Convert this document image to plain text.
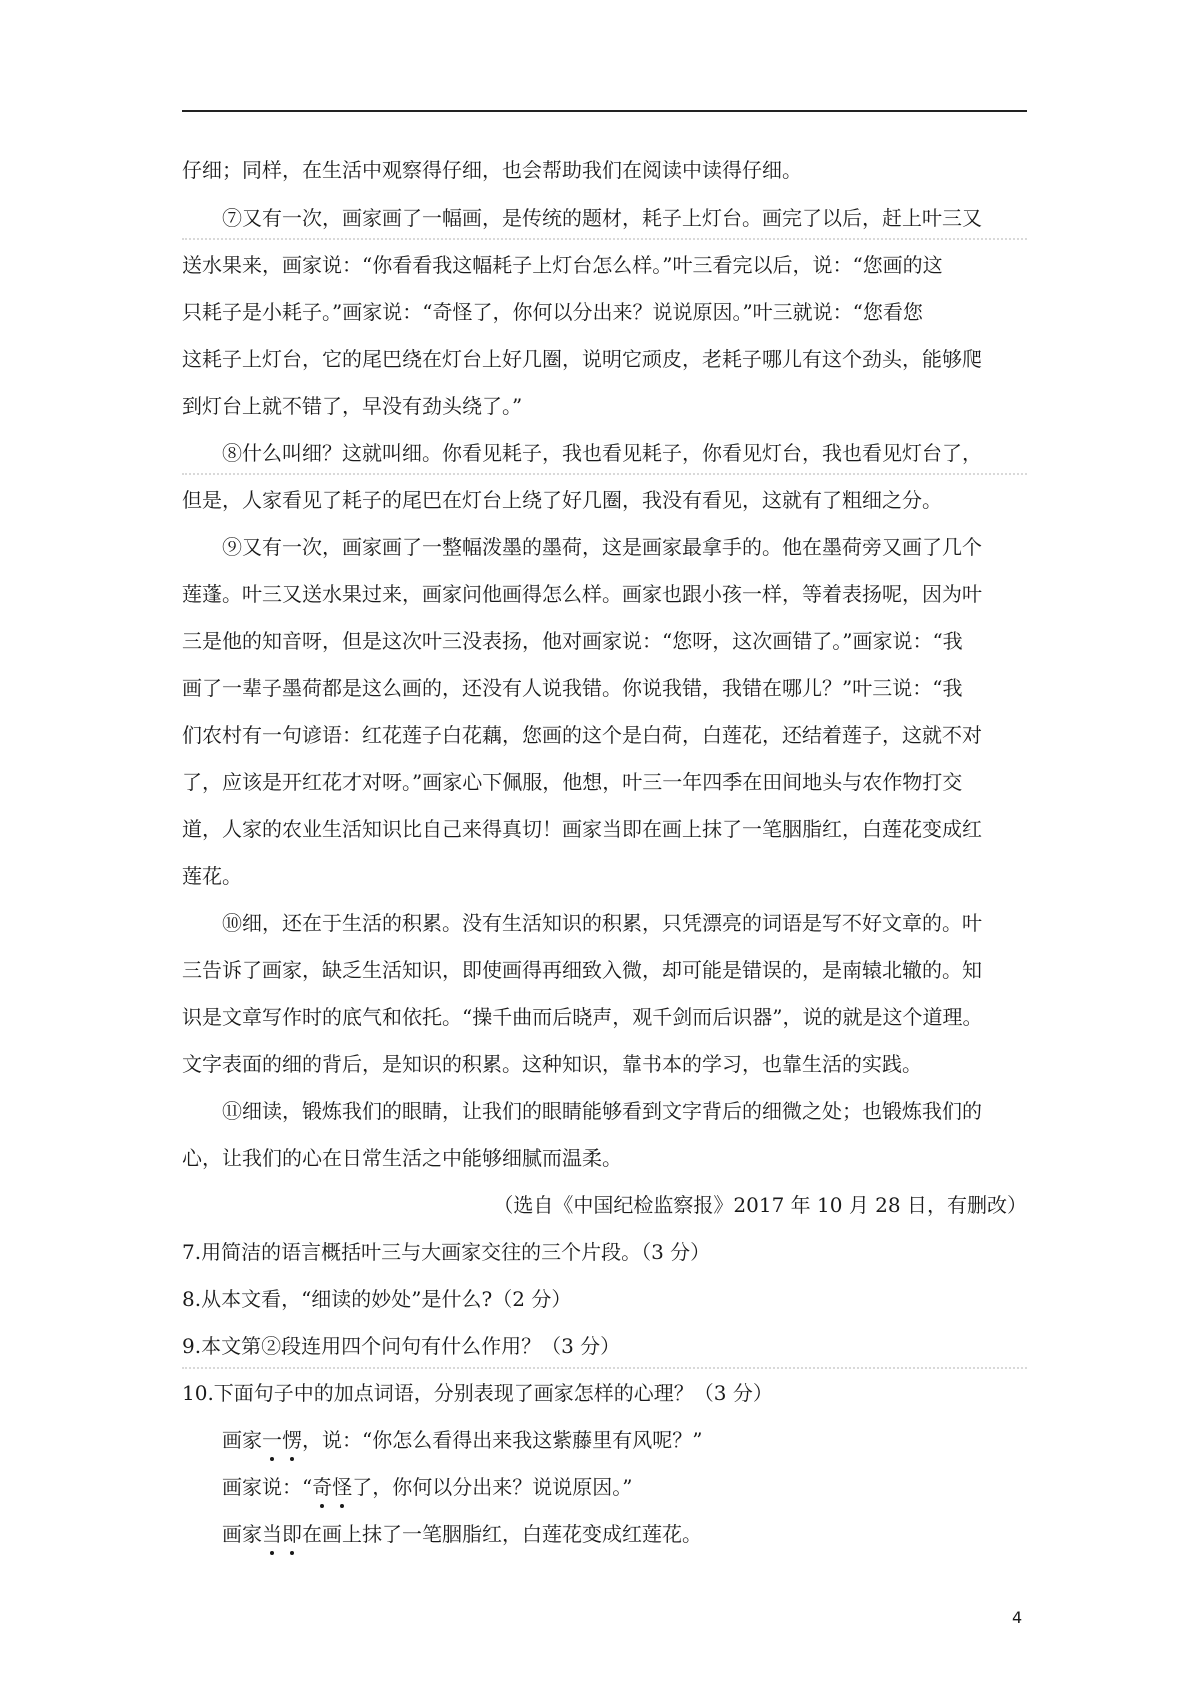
仔细；同样，在生活中观察得仔细，也会帮助我们在阅读中读得仔细。
⑦又有一次，画家画了一幅画，是传统的题材，耗子上灯台。画完了以后，赶上叶三又
送水果来，画家说：“你看看我这幅耗子上灯台怎么样。”叶三看完以后，说：“您画的这
只耗子是小耗子。”画家说：“奇怪了，你何以分出来？说说原因。”叶三就说：“您看您
这耗子上灯台，它的尾巴绕在灯台上好几圈，说明它顽皮，老耗子哪儿有这个劲头，能够爬
到灯台上就不错了，早没有劲头绕了。”
⑧什么叫细？这就叫细。你看见耗子，我也看见耗子，你看见灯台，我也看见灯台了，
但是，人家看见了耗子的尾巴在灯台上绕了好几圈，我没有看见，这就有了粗细之分。
⑨又有一次，画家画了一整幅泼墨的墨荷，这是画家最拿手的。他在墨荷旁又画了几个
莲蓬。叶三又送水果过来，画家问他画得怎么样。画家也跟小孩一样，等着表扬呢，因为叶
三是他的知音呀，但是这次叶三没表扬，他对画家说：“您呀，这次画错了。”画家说：“我
画了一辈子墨荷都是这么画的，还没有人说我错。你说我错，我错在哪儿？”叶三说：“我
们农村有一句谚语：红花莲子白花藕，您画的这个是白荷，白莲花，还结着莲子，这就不对
了，应该是开红花才对呀。”画家心下佩服，他想，叶三一年四季在田间地头与农作物打交
道，人家的农业生活知识比自己来得真切！画家当即在画上抹了一笔胭脂红，白莲花变成红
莲花。
⑩细，还在于生活的积累。没有生活知识的积累，只凭漂亮的词语是写不好文章的。叶
三告诉了画家，缺乏生活知识，即使画得再细致入微，却可能是错误的，是南辕北辙的。知
识是文章写作时的底气和依托。“操千曲而后晓声，观千剑而后识器”，说的就是这个道理。
文字表面的细的背后，是知识的积累。这种知识，靠书本的学习，也靠生活的实践。
⑪细读，锻炼我们的眼睛，让我们的眼睛能够看到文字背后的细微之处；也锻炼我们的
心，让我们的心在日常生活之中能够细腻而温柔。
（选自《中国纪检监察报》2017 年 10 月 28 日，有删改）
7.用简洁的语言概括叶三与大画家交往的三个片段。（3 分）
8.从本文看，“细读的妙处”是什么?（2 分）
9.本文第②段连用四个问句有什么作用？（3 分）
10.下面句子中的加点词语，分别表现了画家怎样的心理？（3 分）
画家一愣，说：“你怎么看得出来我这紫藤里有风呢？”
画家说：“奇怪了，你何以分出来？说说原因。”
画家当即在画上抹了一笔胭脂红，白莲花变成红莲花。
4
